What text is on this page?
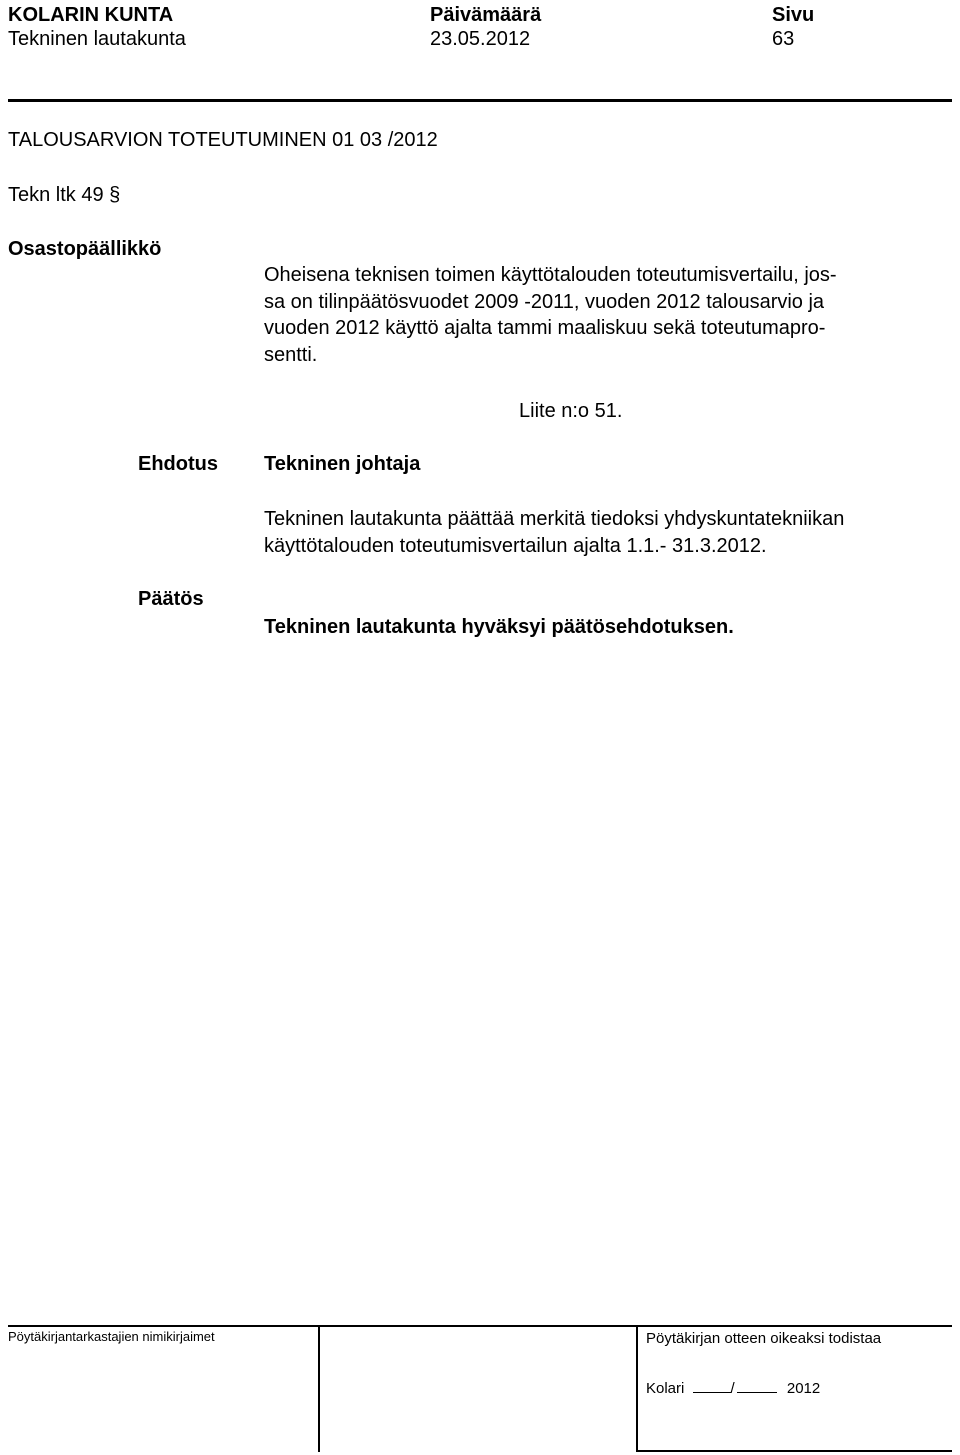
KOLARIN KUNTA
Tekninen lautakunta
Päivämäärä
23.05.2012
Sivu
63
TALOUSARVION TOTEUTUMINEN 01 03 /2012
Tekn ltk 49 §
Osastopäällikkö
Oheisena teknisen toimen käyttötalouden toteutumisvertailu, jos-
sa on tilinpäätösvuodet 2009 -2011, vuoden 2012 talousarvio ja
vuoden 2012 käyttö ajalta tammi maaliskuu sekä toteutumapro-
sentti.
Liite n:o 51.
Ehdotus Tekninen johtaja
Tekninen lautakunta päättää merkitä tiedoksi yhdyskuntatekniikan
käyttötalouden toteutumisvertailun ajalta 1.1.- 31.3.2012.
Päätös
Tekninen lautakunta hyväksyi päätösehdotuksen.
Pöytäkirjantarkastajien nimikirjaimet	Pöytäkirjan otteen oikeaksi todistaa
Kolari	/	2012
